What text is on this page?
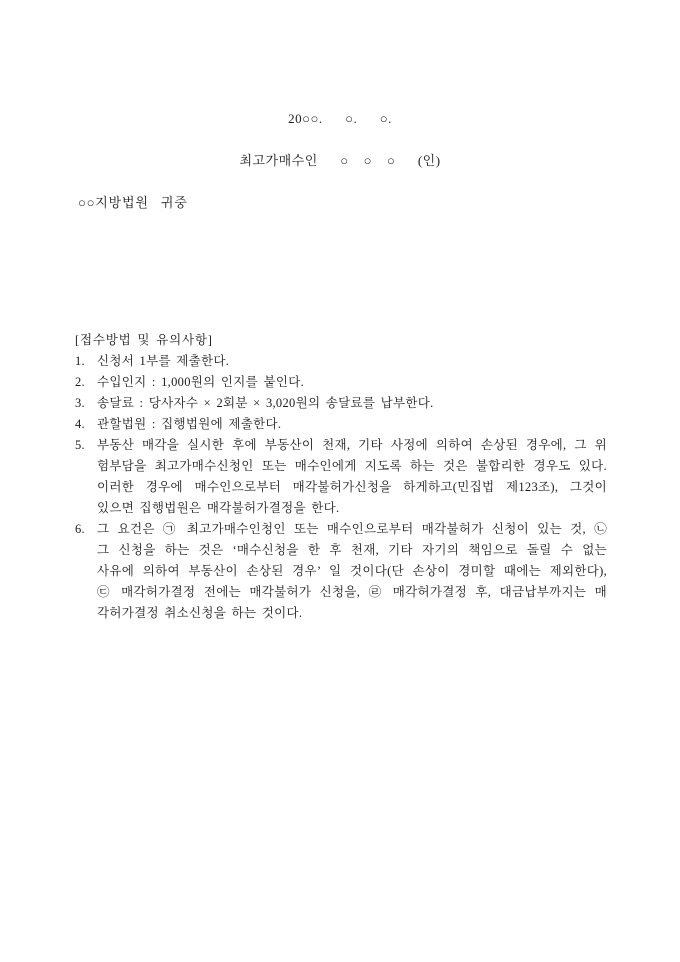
20○○.      ○.      ○.
최고가매수인      ○    ○    ○      (인)
○○지방법원   귀중
[접수방법 및 유의사항]
1. 신청서 1부를 제출한다.
2. 수입인지 : 1,000원의 인지를 붙인다.
3. 송달료 : 당사자수 × 2회분 × 3,020원의 송달료를 납부한다.
4. 관할법원 : 집행법원에 제출한다.
5. 부동산 매각을 실시한 후에 부동산이 천재, 기타 사정에 의하여 손상된 경우에, 그 위
험부담을 최고가매수신청인 또는 매수인에게 지도록 하는 것은 불합리한 경우도 있다.
이러한 경우에 매수인으로부터 매각불허가신청을 하게하고(민집법 제123조), 그것이
있으면 집행법원은 매각불허가결정을 한다.
6. 그 요건은 ㉠ 최고가매수인청인 또는 매수인으로부터 매각불허가 신청이 있는 것, ㉡
그 신청을 하는 것은 ‘매수신청을 한 후 천재, 기타 자기의 책임으로 돌릴 수 없는
사유에 의하여 부동산이 손상된 경우’ 일 것이다(단 손상이 경미할 때에는 제외한다),
㉢ 매각허가결정 전에는 매각불허가 신청을, ㉣ 매각허가결정 후, 대금납부까지는 매
각허가결정 취소신청을 하는 것이다.
